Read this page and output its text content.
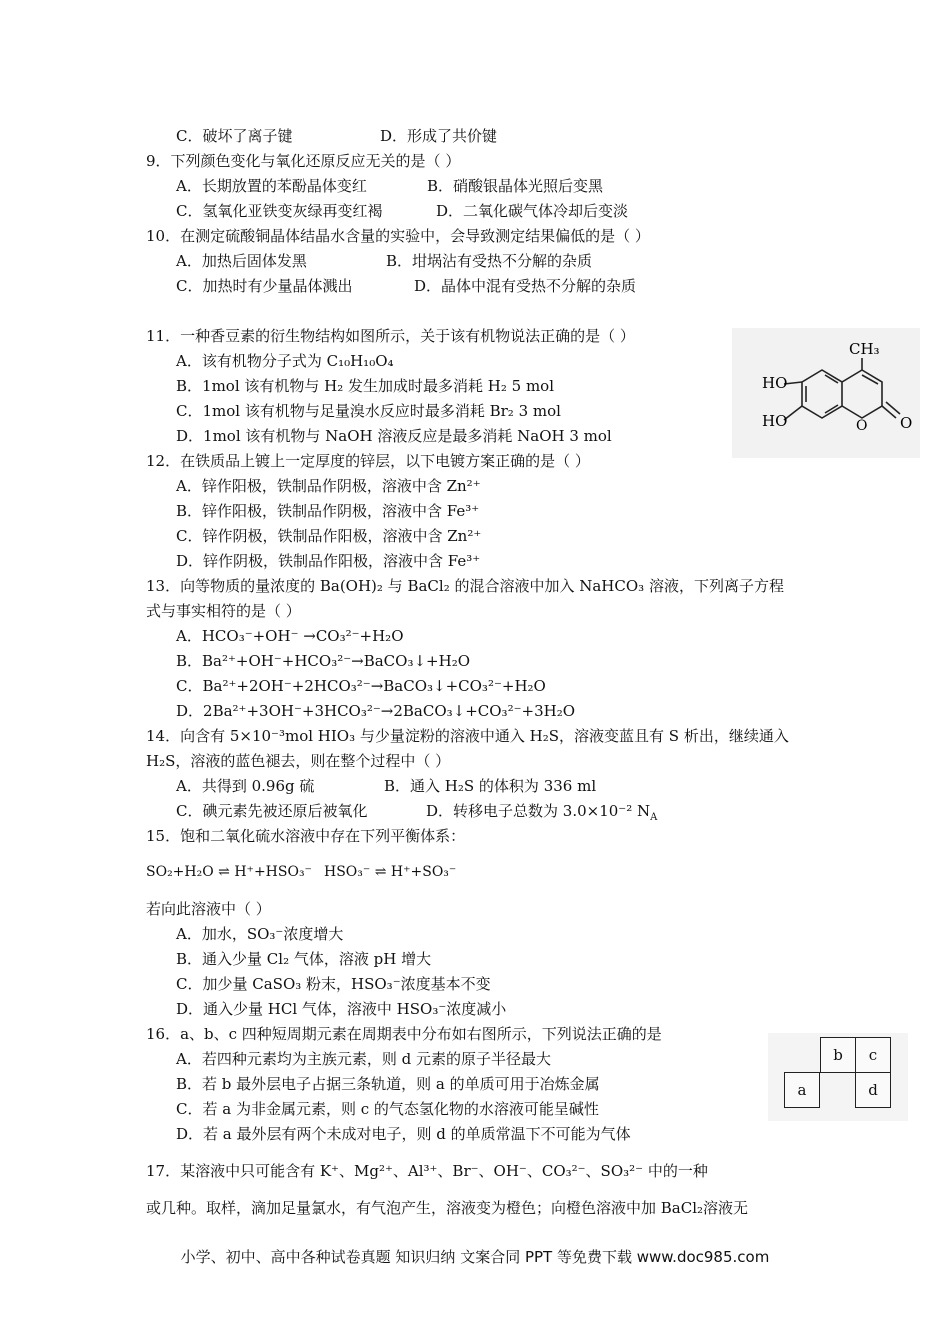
C．破坏了离子键	D．形成了共价键
9．下列颜色变化与氧化还原反应无关的是（ ）
A．长期放置的苯酚晶体变红	B．硝酸银晶体光照后变黑
C．氢氧化亚铁变灰绿再变红褐	D．二氧化碳气体冷却后变淡
10．在测定硫酸铜晶体结晶水含量的实验中，会导致测定结果偏低的是（ ）
A．加热后固体发黑	B．坩埚沾有受热不分解的杂质
C．加热时有少量晶体溅出	D．晶体中混有受热不分解的杂质
11．一种香豆素的衍生物结构如图所示，关于该有机物说法正确的是（ ）
A．该有机物分子式为 C₁₀H₁₀O₄
B．1mol 该有机物与 H₂ 发生加成时最多消耗 H₂ 5 mol
C．1mol 该有机物与足量溴水反应时最多消耗 Br₂ 3 mol
D．1mol 该有机物与 NaOH 溶液反应是最多消耗 NaOH 3 mol
HO
HO
CH₃
O O
12．在铁质品上镀上一定厚度的锌层，以下电镀方案正确的是（ ）
A．锌作阳极，铁制品作阴极，溶液中含 Zn²⁺
B．锌作阳极，铁制品作阴极，溶液中含 Fe³⁺
C．锌作阴极，铁制品作阳极，溶液中含 Zn²⁺
D．锌作阴极，铁制品作阳极，溶液中含 Fe³⁺
13．向等物质的量浓度的 Ba(OH)₂ 与 BaCl₂ 的混合溶液中加入 NaHCO₃ 溶液，下列离子方程
式与事实相符的是（ ）
A．HCO₃⁻+OH⁻ →CO₃²⁻+H₂O
B．Ba²⁺+OH⁻+HCO₃²⁻→BaCO₃↓+H₂O
C．Ba²⁺+2OH⁻+2HCO₃²⁻→BaCO₃↓+CO₃²⁻+H₂O
D．2Ba²⁺+3OH⁻+3HCO₃²⁻→2BaCO₃↓+CO₃²⁻+3H₂O
14．向含有 5×10⁻³mol HIO₃ 与少量淀粉的溶液中通入 H₂S，溶液变蓝且有 S 析出，继续通入
H₂S，溶液的蓝色褪去，则在整个过程中（ ）
A．共得到 0.96g 硫	B．通入 H₂S 的体积为 336 ml
C．碘元素先被还原后被氧化	D．转移电子总数为 3.0×10⁻² $N_A$
15．饱和二氧化硫水溶液中存在下列平衡体系：
SO₂+H₂O ⇌ H⁺+HSO₃⁻ HSO₃⁻ ⇌ H⁺+SO₃⁻
若向此溶液中（ ）
A．加水，SO₃⁻浓度增大
B．通入少量 Cl₂ 气体，溶液 pH 增大
C．加少量 CaSO₃ 粉末，HSO₃⁻浓度基本不变
D．通入少量 HCl 气体，溶液中 HSO₃⁻浓度减小
16．a、b、c 四种短周期元素在周期表中分布如右图所示，下列说法正确的是
A．若四种元素均为主族元素，则 d 元素的原子半径最大
B．若 b 最外层电子占据三条轨道，则 a 的单质可用于冶炼金属
C．若 a 为非金属元素，则 c 的气态氢化物的水溶液可能呈碱性
D．若 a 最外层有两个未成对电子，则 d 的单质常温下不可能为气体
b	c
a	d
17．某溶液中只可能含有 K⁺、Mg²⁺、Al³⁺、Br⁻、OH⁻、CO₃²⁻、SO₃²⁻ 中的一种
或几种。取样，滴加足量氯水，有气泡产生，溶液变为橙色；向橙色溶液中加 BaCl₂溶液无
小学、初中、高中各种试卷真题 知识归纳 文案合同 PPT 等免费下载 www.doc985.com
